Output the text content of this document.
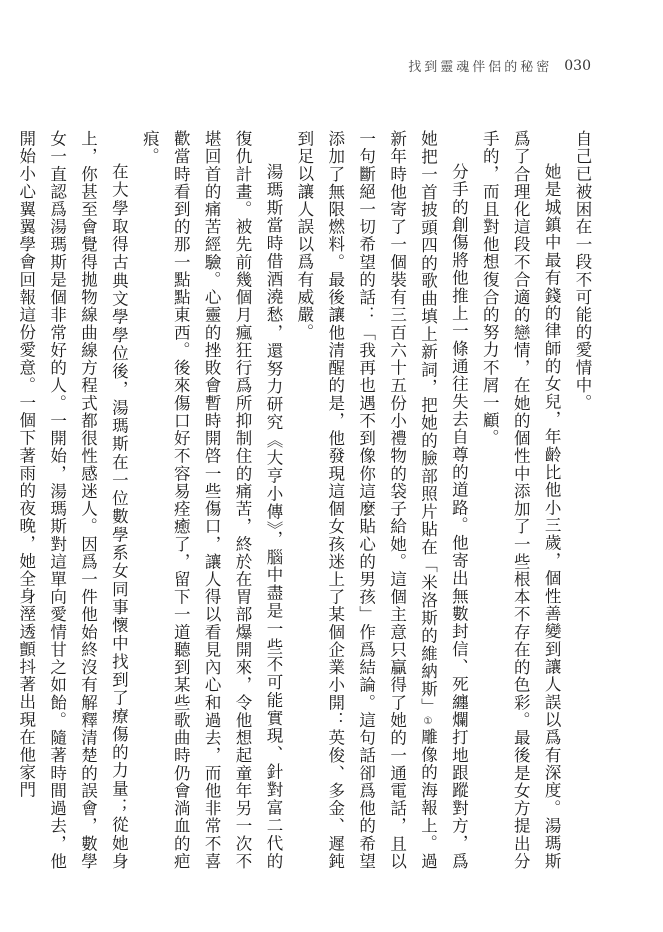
找到靈魂伴侶的秘密 030

自己已被困在一段不可能的愛情中。

她是城鎮中最有錢的律師的女兒，年齡比他小三歲，個性善變到讓人誤以爲有深度。湯瑪斯爲了合理化這段不合適的戀情，在她的個性中添加了一些根本不存在的色彩。最後是女方提出分手的，而且對他想復合的努力不屑一顧。

分手的創傷將他推上一條通往失去自尊的道路。他寄出無數封信、死纏爛打地跟蹤對方，爲她把一首披頭四的歌曲填上新詞，把她的臉部照片貼在「米洛斯的維納斯」①雕像的海報上。過新年時他寄了一個裝有三百六十五份小禮物的袋子給她。這個主意只贏得了她的一通電話，且以一句斷絕一切希望的話：「我再也遇不到像你這麼貼心的男孩」作爲結論。這句話卻爲他的希望添加了無限燃料。最後讓他清醒的是，他發現這個女孩迷上了某個企業小開：英俊、多金、遲鈍到足以讓人誤以爲有威嚴。

湯瑪斯當時借酒澆愁，還努力研究《大亨小傳》，腦中盡是一些不可能實現、針對富二代的復仇計畫。被先前幾個月瘋狂行爲所抑制住的痛苦，終於在胃部爆開來，令他想起童年另一次不堪回首的痛苦經驗。心靈的挫敗會暫時開啓一些傷口，讓人得以看見內心和過去，而他非常不喜歡當時看到的那一點點東西。後來傷口好不容易痊癒了，留下一道聽到某些歌曲時仍會淌血的疤痕。

在大學取得古典文學學位後，湯瑪斯在一位數學系女同事懷中找到了療傷的力量；從她身上，你甚至會覺得拋物線曲線方程式都很性感迷人。因爲一件他始終沒有解釋清楚的誤會，數學女一直認爲湯瑪斯是個非常好的人。一開始，湯瑪斯對這單向愛情甘之如飴。隨著時間過去，他開始小心翼翼學會回報這份愛意。一個下著雨的夜晚，她全身溼透顫抖著出現在他家門
